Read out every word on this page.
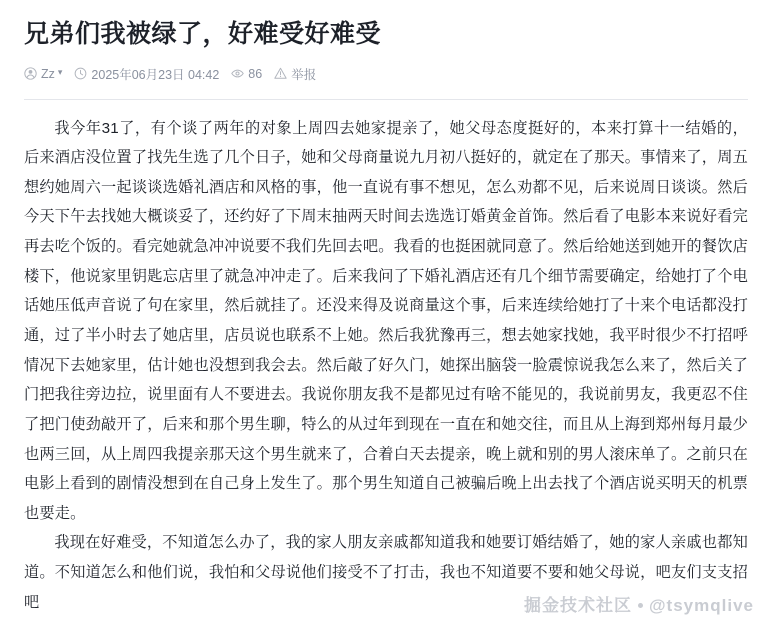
兄弟们我被绿了，好难受好难受
Zz ▾ 2025年06月23日 04:42 86 举报

我今年31了，有个谈了两年的对象上周四去她家提亲了，她父母态度挺好的，本来打算十一结婚的，后来酒店没位置了找先生选了几个日子，她和父母商量说九月初八挺好的，就定在了那天。事情来了，周五想约她周六一起谈谈选婚礼酒店和风格的事，他一直说有事不想见，怎么劝都不见，后来说周日谈谈。然后今天下午去找她大概谈妥了，还约好了下周末抽两天时间去选选订婚黄金首饰。然后看了电影本来说好看完再去吃个饭的。看完她就急冲冲说要不我们先回去吧。我看的也挺困就同意了。然后给她送到她开的餐饮店楼下，他说家里钥匙忘店里了就急冲冲走了。后来我问了下婚礼酒店还有几个细节需要确定，给她打了个电话她压低声音说了句在家里，然后就挂了。还没来得及说商量这个事，后来连续给她打了十来个电话都没打通，过了半小时去了她店里，店员说也联系不上她。然后我犹豫再三，想去她家找她，我平时很少不打招呼情况下去她家里，估计她也没想到我会去。然后敲了好久门，她探出脑袋一脸震惊说我怎么来了，然后关了门把我往旁边拉，说里面有人不要进去。我说你朋友我不是都见过有啥不能见的，我说前男友，我更忍不住了把门使劲敲开了，后来和那个男生聊，特么的从过年到现在一直在和她交往，而且从上海到郑州每月最少也两三回，从上周四我提亲那天这个男生就来了，合着白天去提亲，晚上就和别的男人滚床单了。之前只在电影上看到的剧情没想到在自己身上发生了。那个男生知道自己被骗后晚上出去找了个酒店说买明天的机票也要走。

我现在好难受，不知道怎么办了，我的家人朋友亲戚都知道我和她要订婚结婚了，她的家人亲戚也都知道。不知道怎么和他们说，我怕和父母说他们接受不了打击，我也不知道要不要和她父母说，吧友们支支招吧	掘金技术社区 @tsymqlive
